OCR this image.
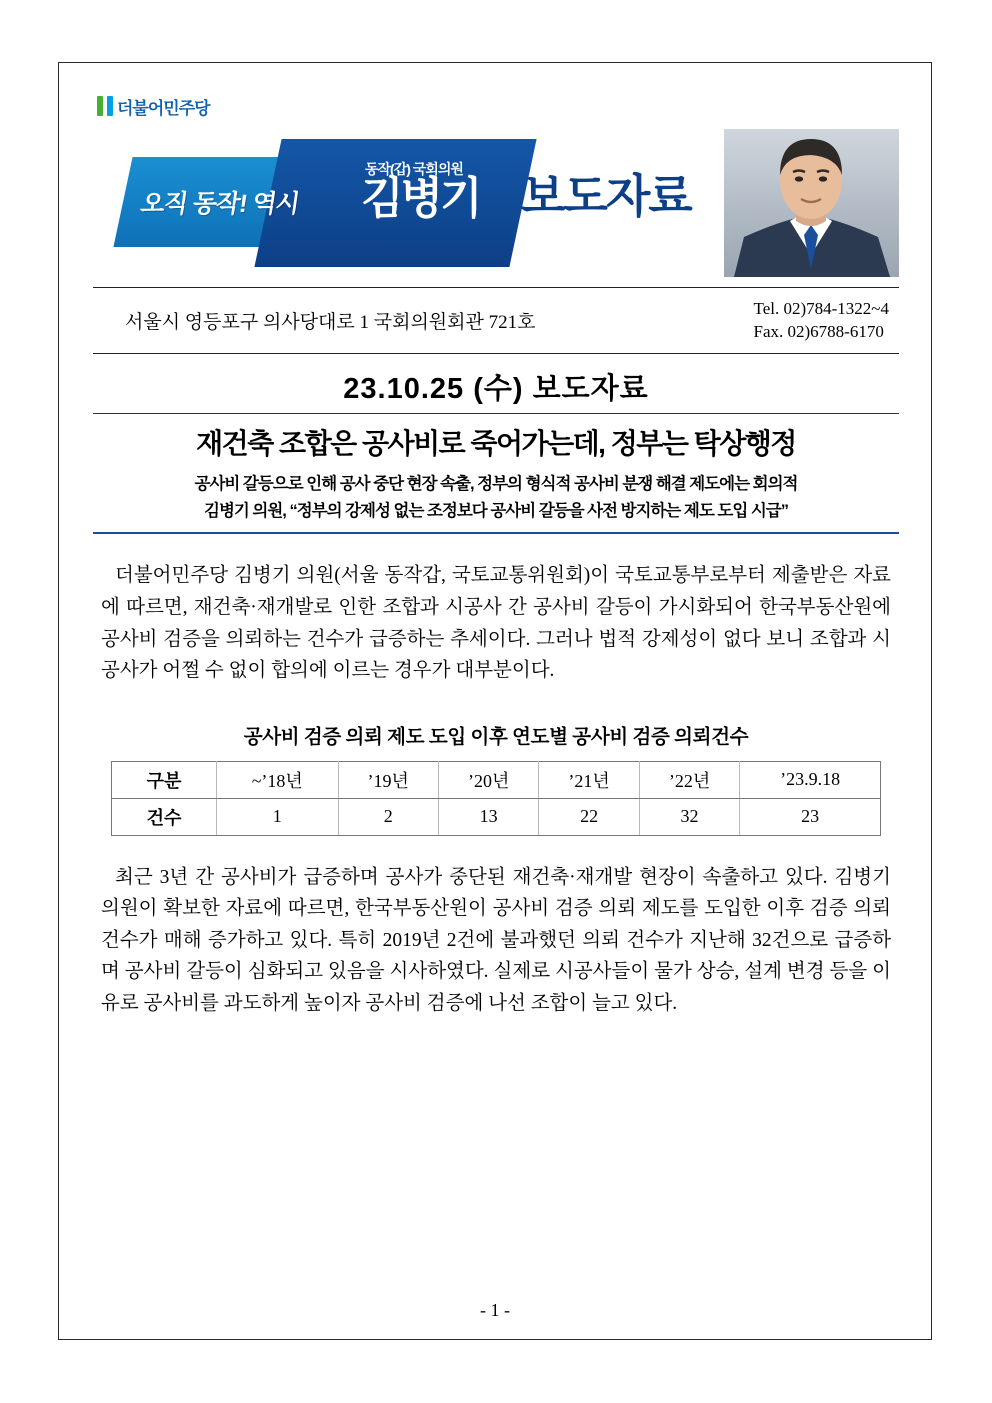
더불어민주당
오직 동작! 역시
동작(갑) 국회의원
김병기 보도자료
서울시 영등포구 의사당대로 1 국회의원회관 721호
Tel. 02)784-1322~4
Fax. 02)6788-6170
23.10.25 (수) 보도자료
재건축 조합은 공사비로 죽어가는데, 정부는 탁상행정
공사비 갈등으로 인해 공사 중단 현장 속출, 정부의 형식적 공사비 분쟁 해결 제도에는 회의적
김병기 의원, “정부의 강제성 없는 조정보다 공사비 갈등을 사전 방지하는 제도 도입 시급”

더불어민주당 김병기 의원(서울 동작갑, 국토교통위원회)이 국토교통부로부터 제출받은 자료에 따르면, 재건축·재개발로 인한 조합과 시공사 간 공사비 갈등이 가시화되어 한국부동산원에 공사비 검증을 의뢰하는 건수가 급증하는 추세이다. 그러나 법적 강제성이 없다 보니 조합과 시공사가 어쩔 수 없이 합의에 이르는 경우가 대부분이다.

공사비 검증 의뢰 제도 도입 이후 연도별 공사비 검증 의뢰건수
구분	~’18년	’19년	’20년	’21년	’22년	’23.9.18
건수	1	2	13	22	32	23

최근 3년 간 공사비가 급증하며 공사가 중단된 재건축·재개발 현장이 속출하고 있다. 김병기 의원이 확보한 자료에 따르면, 한국부동산원이 공사비 검증 의뢰 제도를 도입한 이후 검증 의뢰 건수가 매해 증가하고 있다. 특히 2019년 2건에 불과했던 의뢰 건수가 지난해 32건으로 급증하며 공사비 갈등이 심화되고 있음을 시사하였다. 실제로 시공사들이 물가 상승, 설계 변경 등을 이유로 공사비를 과도하게 높이자 공사비 검증에 나선 조합이 늘고 있다.

- 1 -
